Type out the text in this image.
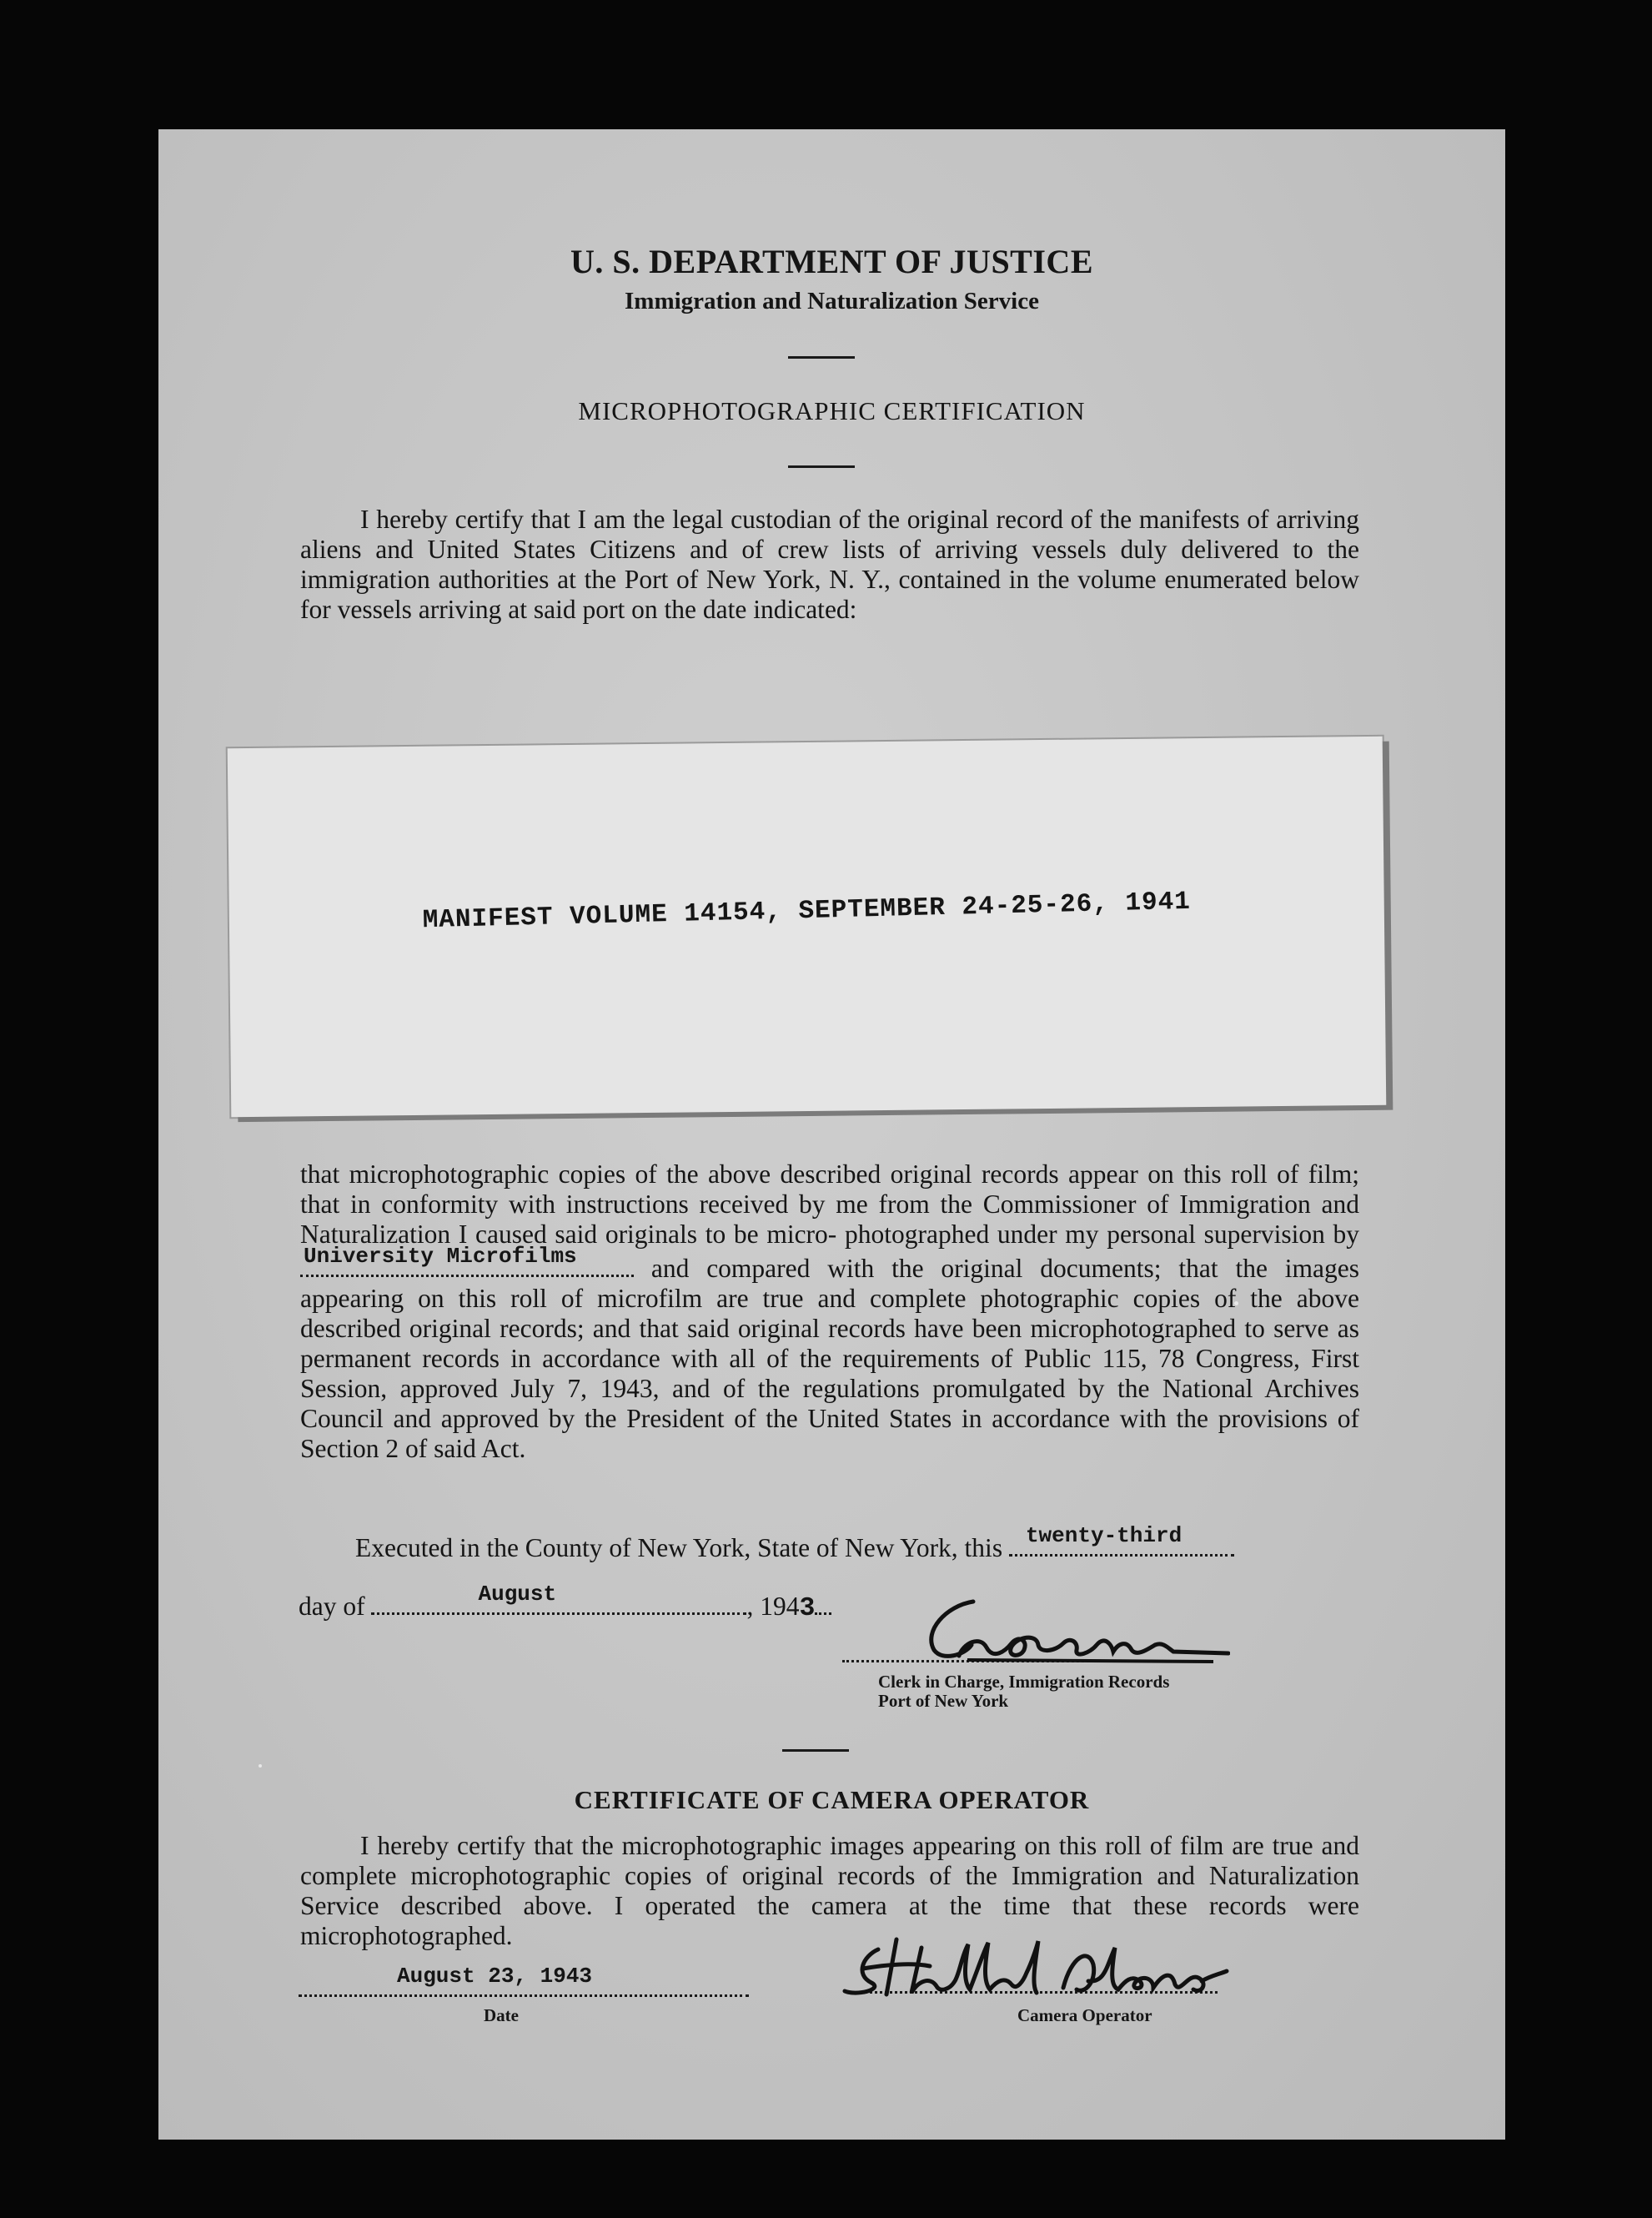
U. S. DEPARTMENT OF JUSTICE
Immigration and Naturalization Service
MICROPHOTOGRAPHIC CERTIFICATION
I hereby certify that I am the legal custodian of the original record of the manifests of arriving aliens and United States Citizens and of crew lists of arriving vessels duly delivered to the immigration authorities at the Port of New York, N. Y., contained in the volume enumerated below for vessels arriving at said port on the date indicated:
MANIFEST VOLUME 14154, SEPTEMBER 24-25-26, 1941
that microphotographic copies of the above described original records appear on this roll of film; that in conformity with instructions received by me from the Commissioner of Immigration and Naturalization I caused said originals to be micro- photographed under my personal supervision by
University Microfilms	and compared with the original documents; that the images appearing on this roll of microfilm are true and complete photographic copies of the above described original records; and that said original records have been microphotographed to serve as permanent records in accordance with all of the requirements of Public 115, 78 Congress, First Session, approved July 7, 1943, and of the regulations promulgated by the National Archives Council and approved by the President of the United States in accordance with the provisions of Section 2 of said Act.
Executed in the County of New York, State of New York, this twenty-third
day of	August	, 1943
Clerk in Charge, Immigration Records
Port of New York
CERTIFICATE OF CAMERA OPERATOR
I hereby certify that the microphotographic images appearing on this roll of film are true and complete microphotographic copies of original records of the Immigration and Naturalization Service described above. I operated the camera at the time that these records were microphotographed.
August 23, 1943
Date	Camera Operator
